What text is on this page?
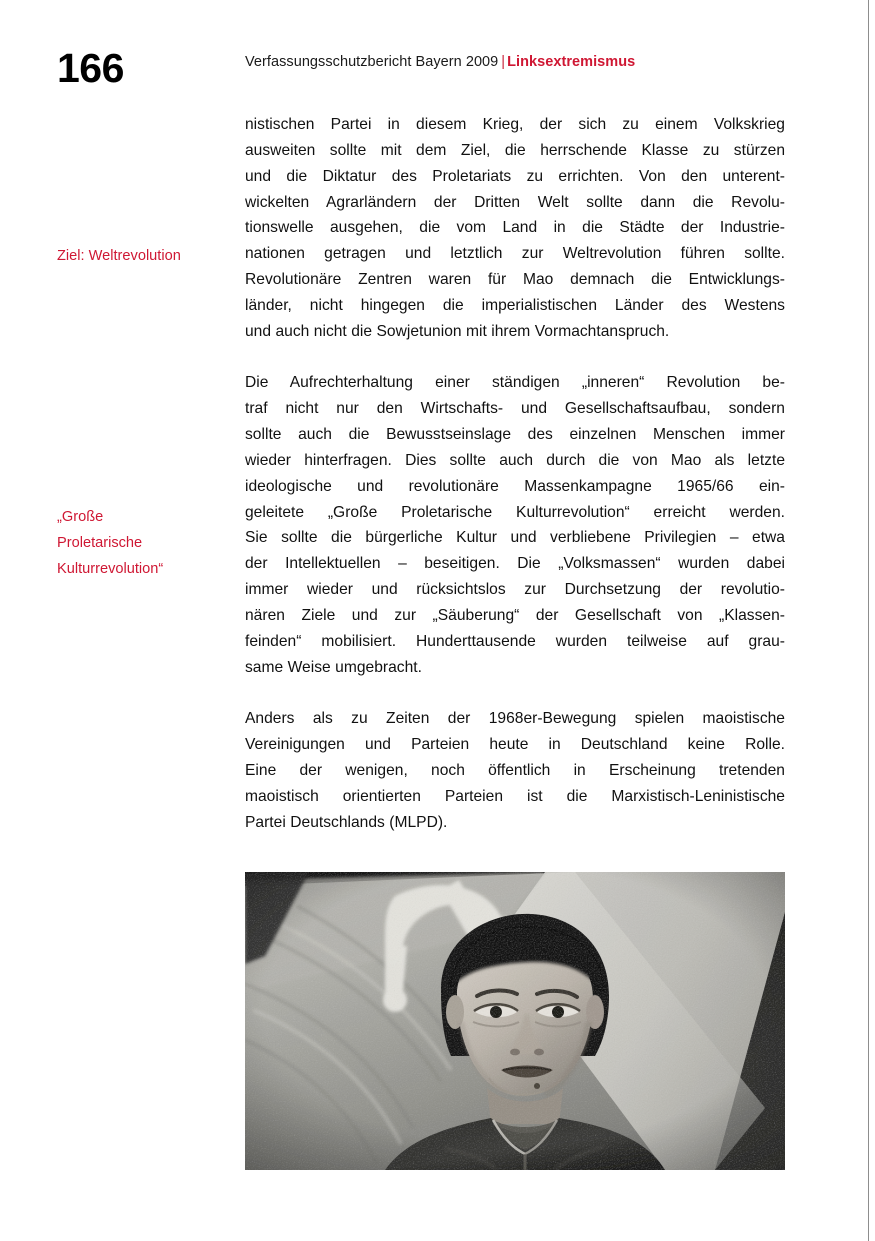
166	Verfassungsschutzbericht Bayern 2009 | Linksextremismus
Ziel: Weltrevolution
„Große
Proletarische
Kulturrevolution“

nistischen Partei in diesem Krieg, der sich zu einem Volkskrieg
ausweiten sollte mit dem Ziel, die herrschende Klasse zu stürzen
und die Diktatur des Proletariats zu errichten. Von den unterent-
wickelten Agrarländern der Dritten Welt sollte dann die Revolu-
tionswelle ausgehen, die vom Land in die Städte der Industrie-
nationen getragen und letztlich zur Weltrevolution führen sollte.
Revolutionäre Zentren waren für Mao demnach die Entwicklungs-
länder, nicht hingegen die imperialistischen Länder des Westens
und auch nicht die Sowjetunion mit ihrem Vormachtanspruch.

Die Aufrechterhaltung einer ständigen „inneren“ Revolution be-
traf nicht nur den Wirtschafts- und Gesellschaftsaufbau, sondern
sollte auch die Bewusstseinslage des einzelnen Menschen immer
wieder hinterfragen. Dies sollte auch durch die von Mao als letzte
ideologische und revolutionäre Massenkampagne 1965/66 ein-
geleitete „Große Proletarische Kulturrevolution“ erreicht werden.
Sie sollte die bürgerliche Kultur und verbliebene Privilegien – etwa
der Intellektuellen – beseitigen. Die „Volksmassen“ wurden dabei
immer wieder und rücksichtslos zur Durchsetzung der revolutio-
nären Ziele und zur „Säuberung“ der Gesellschaft von „Klassen-
feinden“ mobilisiert. Hunderttausende wurden teilweise auf grau-
same Weise umgebracht.

Anders als zu Zeiten der 1968er-Bewegung spielen maoistische
Vereinigungen und Parteien heute in Deutschland keine Rolle.
Eine der wenigen, noch öffentlich in Erscheinung tretenden
maoistisch orientierten Parteien ist die Marxistisch-Leninistische
Partei Deutschlands (MLPD).
